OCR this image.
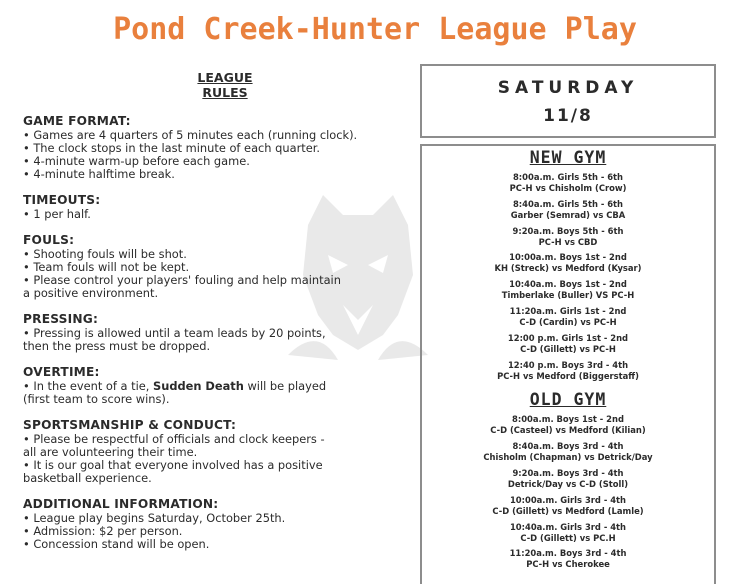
Pond Creek-Hunter League Play
LEAGUE
RULES
GAME FORMAT:

• Games are 4 quarters of 5 minutes each (running clock).

• The clock stops in the last minute of each quarter.

• 4-minute warm-up before each game.

• 4-minute halftime break.

TIMEOUTS:

• 1 per half.

FOULS:

• Shooting fouls will be shot.

• Team fouls will not be kept.

• Please control your players' fouling and help maintain

a positive environment.

PRESSING:

• Pressing is allowed until a team leads by 20 points,

then the press must be dropped.

OVERTIME:

• In the event of a tie, Sudden Death will be played

(first team to score wins).

SPORTSMANSHIP & CONDUCT:

• Please be respectful of officials and clock keepers -

all are volunteering their time.

• It is our goal that everyone involved has a positive

basketball experience.

ADDITIONAL INFORMATION:

• League play begins Saturday, October 25th.

• Admission: $2 per person.

• Concession stand will be open.

SATURDAY
11/8
NEW GYM
8:00a.m. Girls 5th - 6th
PC-H vs Chisholm (Crow)
8:40a.m. Girls 5th - 6th
Garber (Semrad) vs CBA
9:20a.m. Boys 5th - 6th
PC-H vs CBD
10:00a.m. Boys 1st - 2nd
KH (Streck) vs Medford (Kysar)
10:40a.m. Boys 1st - 2nd
Timberlake (Buller) VS PC-H
11:20a.m. Girls 1st - 2nd
C-D (Cardin) vs PC-H
12:00 p.m. Girls 1st - 2nd
C-D (Gillett) vs PC-H
12:40 p.m. Boys 3rd - 4th
PC-H vs Medford (Biggerstaff)
OLD GYM
8:00a.m. Boys 1st - 2nd
C-D (Casteel) vs Medford (Kilian)
8:40a.m. Boys 3rd - 4th
Chisholm (Chapman) vs Detrick/Day
9:20a.m. Boys 3rd - 4th
Detrick/Day vs C-D (Stoll)
10:00a.m. Girls 3rd - 4th
C-D (Gillett) vs Medford (Lamle)
10:40a.m. Girls 3rd - 4th
C-D (Gillett) vs PC.H
11:20a.m. Boys 3rd - 4th
PC-H vs Cherokee
